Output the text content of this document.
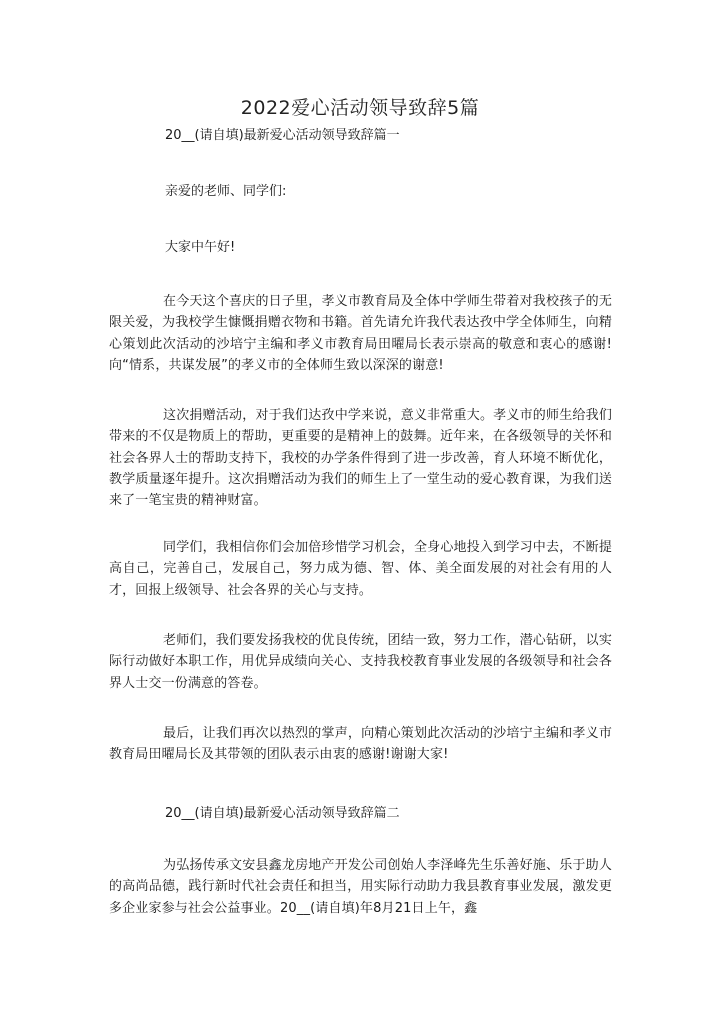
2022爱心活动领导致辞5篇
20__(请自填)最新爱心活动领导致辞篇一
亲爱的老师、同学们:
大家中午好!
在今天这个喜庆的日子里，孝义市教育局及全体中学师生带着对我校孩子的无限关爱，为我校学生慷慨捐赠衣物和书籍。首先请允许我代表达孜中学全体师生，向精心策划此次活动的沙培宁主编和孝义市教育局田曜局长表示崇高的敬意和衷心的感谢!向“情系，共谋发展”的孝义市的全体师生致以深深的谢意!
这次捐赠活动，对于我们达孜中学来说，意义非常重大。孝义市的师生给我们带来的不仅是物质上的帮助，更重要的是精神上的鼓舞。近年来，在各级领导的关怀和社会各界人士的帮助支持下，我校的办学条件得到了进一步改善，育人环境不断优化，教学质量逐年提升。这次捐赠活动为我们的师生上了一堂生动的爱心教育课，为我们送来了一笔宝贵的精神财富。
同学们，我相信你们会加倍珍惜学习机会，全身心地投入到学习中去，不断提高自己，完善自己，发展自己，努力成为德、智、体、美全面发展的对社会有用的人才，回报上级领导、社会各界的关心与支持。
老师们，我们要发扬我校的优良传统，团结一致，努力工作，潜心钻研，以实际行动做好本职工作，用优异成绩向关心、支持我校教育事业发展的各级领导和社会各界人士交一份满意的答卷。
最后，让我们再次以热烈的掌声，向精心策划此次活动的沙培宁主编和孝义市教育局田曜局长及其带领的团队表示由衷的感谢!谢谢大家!
20__(请自填)最新爱心活动领导致辞篇二
为弘扬传承文安县鑫龙房地产开发公司创始人李泽峰先生乐善好施、乐于助人的高尚品德，践行新时代社会责任和担当，用实际行动助力我县教育事业发展，激发更多企业家参与社会公益事业。20__(请自填)年8月21日上午，鑫
